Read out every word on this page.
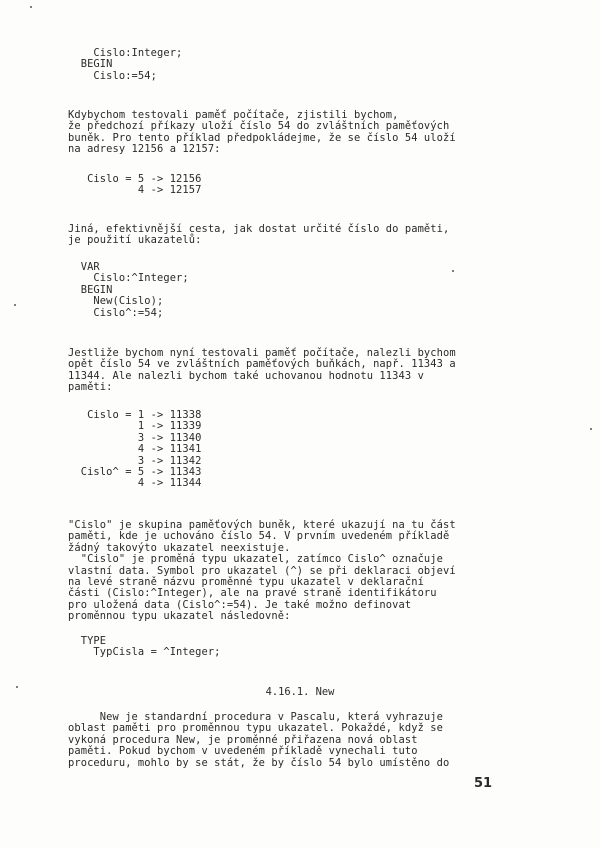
Cislo:Integer;
BEGIN
Cislo:=54;

Kdybychom testovali paměť počítače, zjistili bychom,
že předchozí příkazy uloží číslo 54 do zvláštních paměťových
buněk. Pro tento příklad předpokládejme, že se číslo 54 uloží
na adresy 12156 a 12157:

Cislo = 5 -> 12156
4 -> 12157

Jiná, efektivnější cesta, jak dostat určité číslo do paměti,
je použití ukazatelů:

VAR
Cislo:^Integer;
BEGIN
New(Cislo);
Cislo^:=54;

Jestliže bychom nyní testovali paměť počítače, nalezli bychom
opět číslo 54 ve zvláštních paměťových buňkách, např. 11343 a
11344. Ale nalezli bychom také uchovanou hodnotu 11343 v
paměti:

Cislo = 1 -> 11338
1 -> 11339
3 -> 11340
4 -> 11341
3 -> 11342
Cislo^ = 5 -> 11343
4 -> 11344

"Cislo" je skupina paměťových buněk, které ukazují na tu část
paměti, kde je uchováno číslo 54. V prvním uvedeném příkladě
žádný takovýto ukazatel neexistuje.
"Cislo" je proměná typu ukazatel, zatímco Cislo^ označuje
vlastní data. Symbol pro ukazatel (^) se při deklaraci objeví
na levé straně názvu proměnné typu ukazatel v deklarační
části (Cislo:^Integer), ale na pravé straně identifikátoru
pro uložená data (Cislo^:=54). Je také možno definovat
proměnnou typu ukazatel následovně:

TYPE
TypCisla = ^Integer;
4.16.1. New

New je standardní procedura v Pascalu, která vyhrazuje
oblast paměti pro proměnnou typu ukazatel. Pokaždé, když se
vykoná procedura New, je proměnné přiřazena nová oblast
paměti. Pokud bychom v uvedeném příkladě vynechali tuto
proceduru, mohlo by se stát, že by číslo 54 bylo umístěno do

51
